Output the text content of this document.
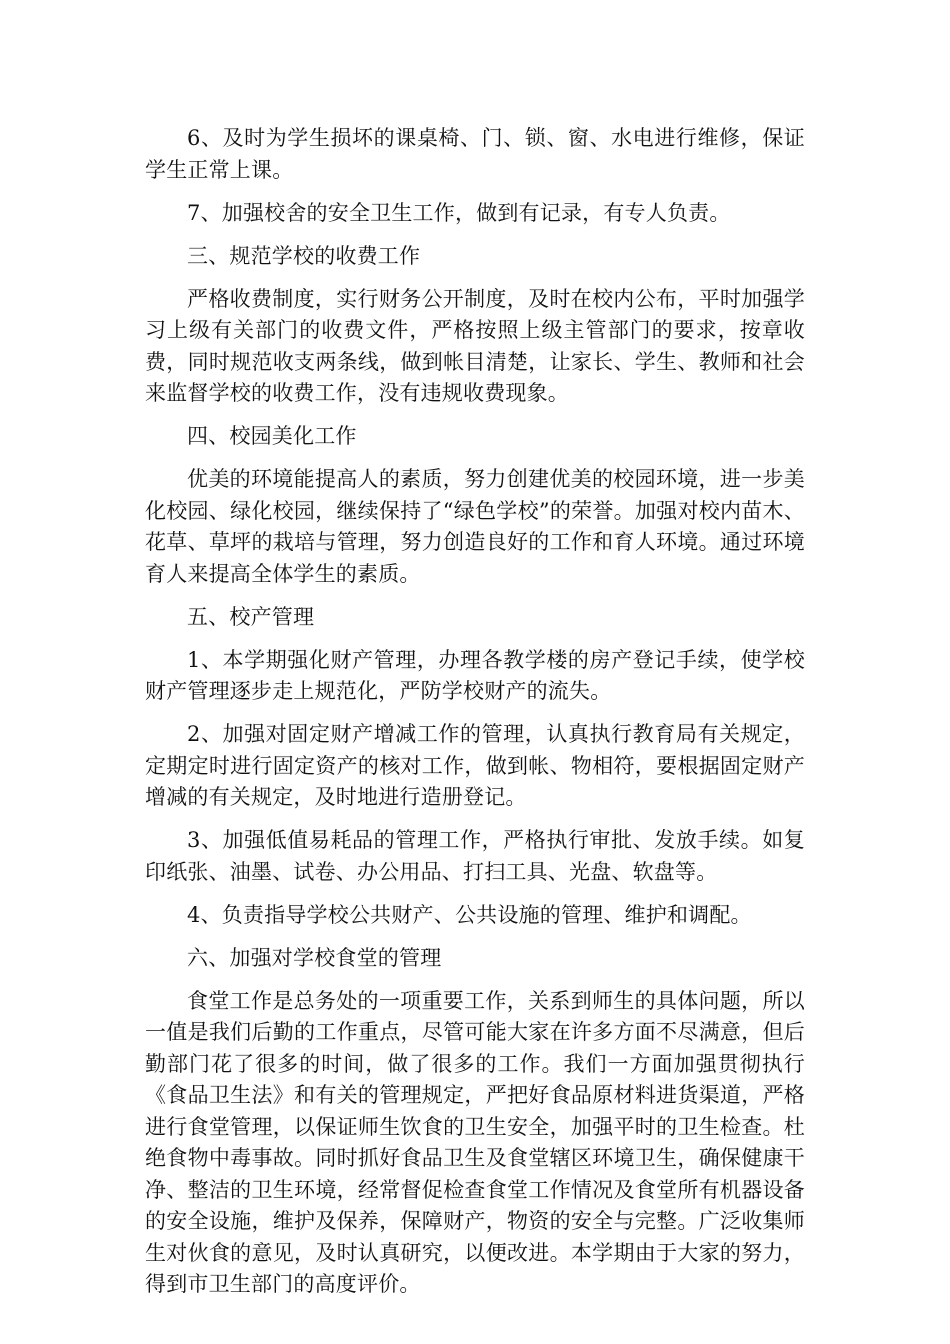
6、及时为学生损坏的课桌椅、门、锁、窗、水电进行维修，保证学生正常上课。

7、加强校舍的安全卫生工作，做到有记录，有专人负责。

三、规范学校的收费工作

严格收费制度，实行财务公开制度，及时在校内公布，平时加强学习上级有关部门的收费文件，严格按照上级主管部门的要求，按章收费，同时规范收支两条线，做到帐目清楚，让家长、学生、教师和社会来监督学校的收费工作，没有违规收费现象。

四、校园美化工作

优美的环境能提高人的素质，努力创建优美的校园环境，进一步美化校园、绿化校园，继续保持了“绿色学校”的荣誉。加强对校内苗木、花草、草坪的栽培与管理，努力创造良好的工作和育人环境。通过环境育人来提高全体学生的素质。

五、校产管理

1、本学期强化财产管理，办理各教学楼的房产登记手续，使学校财产管理逐步走上规范化，严防学校财产的流失。

2、加强对固定财产增减工作的管理，认真执行教育局有关规定，定期定时进行固定资产的核对工作，做到帐、物相符，要根据固定财产增减的有关规定，及时地进行造册登记。

3、加强低值易耗品的管理工作，严格执行审批、发放手续。如复印纸张、油墨、试卷、办公用品、打扫工具、光盘、软盘等。

4、负责指导学校公共财产、公共设施的管理、维护和调配。

六、加强对学校食堂的管理

食堂工作是总务处的一项重要工作，关系到师生的具体问题，所以一值是我们后勤的工作重点，尽管可能大家在许多方面不尽满意，但后勤部门花了很多的时间，做了很多的工作。我们一方面加强贯彻执行《食品卫生法》和有关的管理规定，严把好食品原材料进货渠道，严格进行食堂管理，以保证师生饮食的卫生安全，加强平时的卫生检查。杜绝食物中毒事故。同时抓好食品卫生及食堂辖区环境卫生，确保健康干净、整洁的卫生环境，经常督促检查食堂工作情况及食堂所有机器设备的安全设施，维护及保养，保障财产，物资的安全与完整。广泛收集师生对伙食的意见，及时认真研究，以便改进。本学期由于大家的努力，得到市卫生部门的高度评价。
